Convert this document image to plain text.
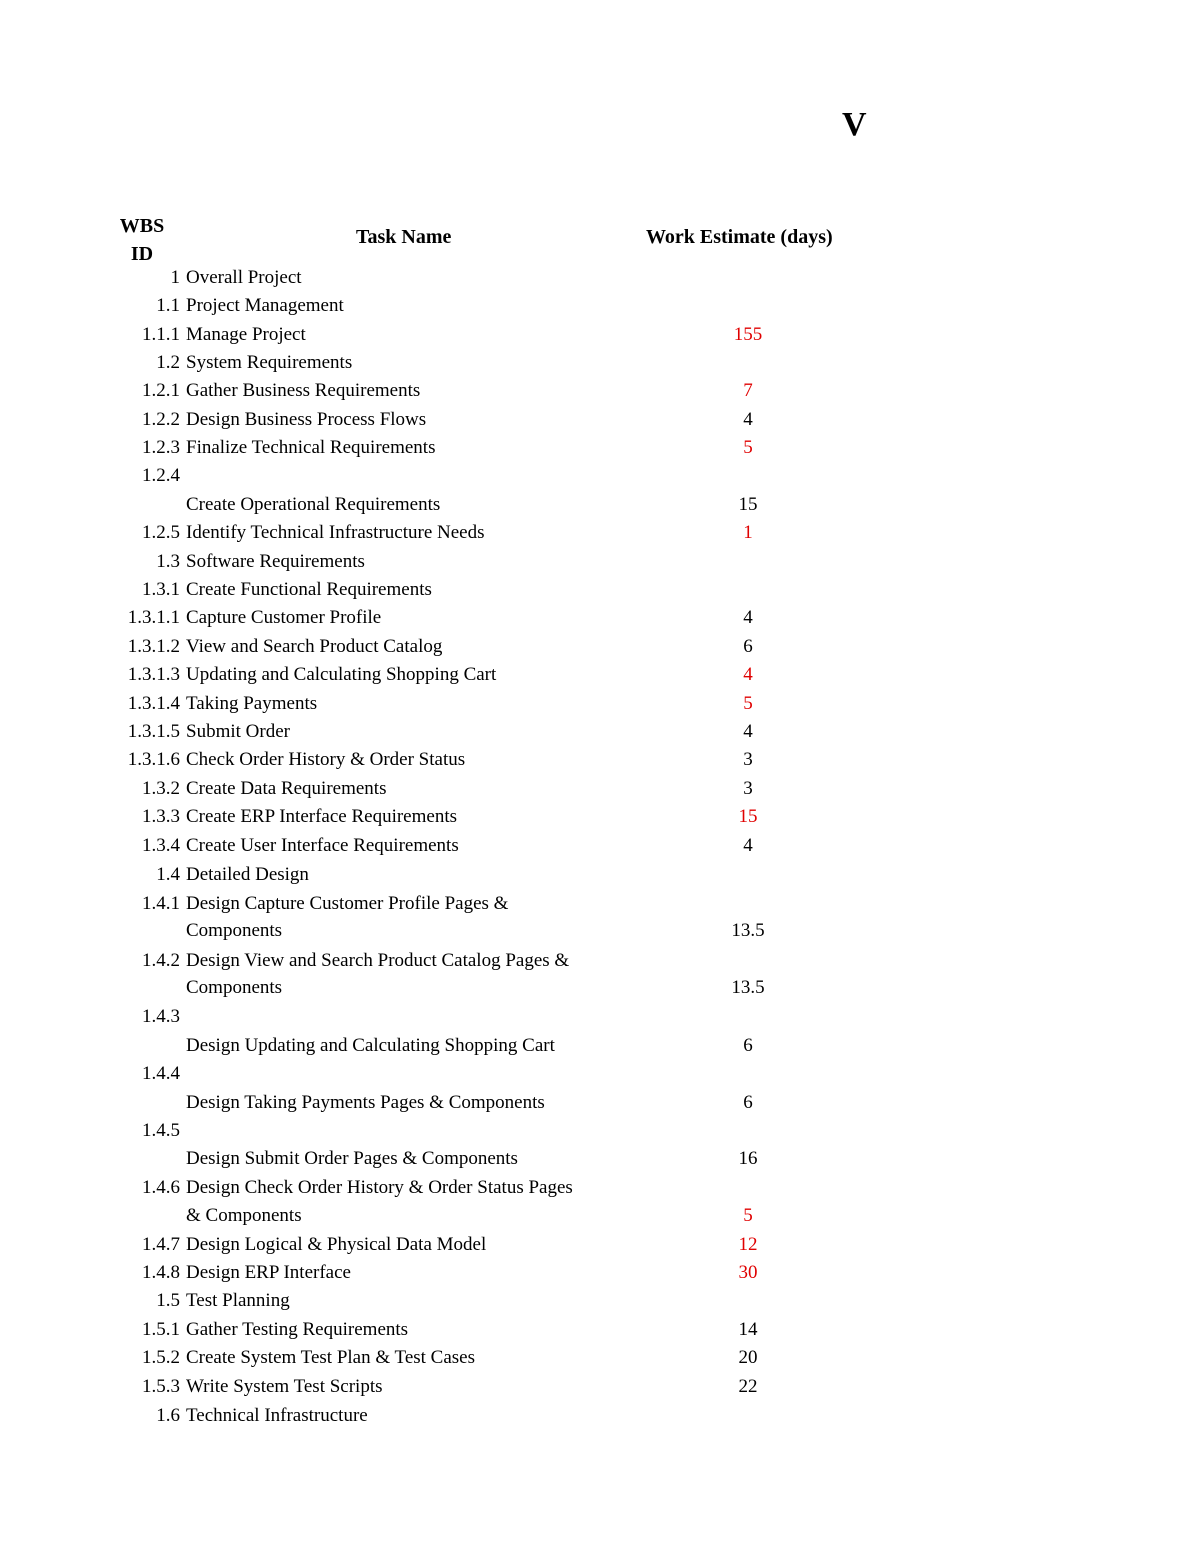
V
WBS ID
Task Name	Work Estimate (days)
1 Overall Project
1.1 Project Management
1.1.1 Manage Project	155
1.2 System Requirements
1.2.1 Gather Business Requirements	7
1.2.2 Design Business Process Flows	4
1.2.3 Finalize Technical Requirements	5
1.2.4
Create Operational Requirements	15
1.2.5 Identify Technical Infrastructure Needs	1
1.3 Software Requirements
1.3.1 Create Functional Requirements
1.3.1.1 Capture Customer Profile	4
1.3.1.2 View and Search Product Catalog	6
1.3.1.3 Updating and Calculating Shopping Cart	4
1.3.1.4 Taking Payments	5
1.3.1.5 Submit Order	4
1.3.1.6 Check Order History & Order Status	3
1.3.2 Create Data Requirements	3
1.3.3 Create ERP Interface Requirements	15
1.3.4 Create User Interface Requirements	4
1.4 Detailed Design
1.4.1 Design Capture Customer Profile Pages &
Components	13.5
1.4.2 Design View and Search Product Catalog Pages &
Components	13.5
1.4.3
Design Updating and Calculating Shopping Cart	6
1.4.4
Design Taking Payments Pages & Components	6
1.4.5
Design Submit Order Pages & Components	16
1.4.6 Design Check Order History & Order Status Pages
& Components	5
1.4.7 Design Logical & Physical Data Model	12
1.4.8 Design ERP Interface	30
1.5 Test Planning
1.5.1 Gather Testing Requirements	14
1.5.2 Create System Test Plan & Test Cases	20
1.5.3 Write System Test Scripts	22
1.6 Technical Infrastructure
